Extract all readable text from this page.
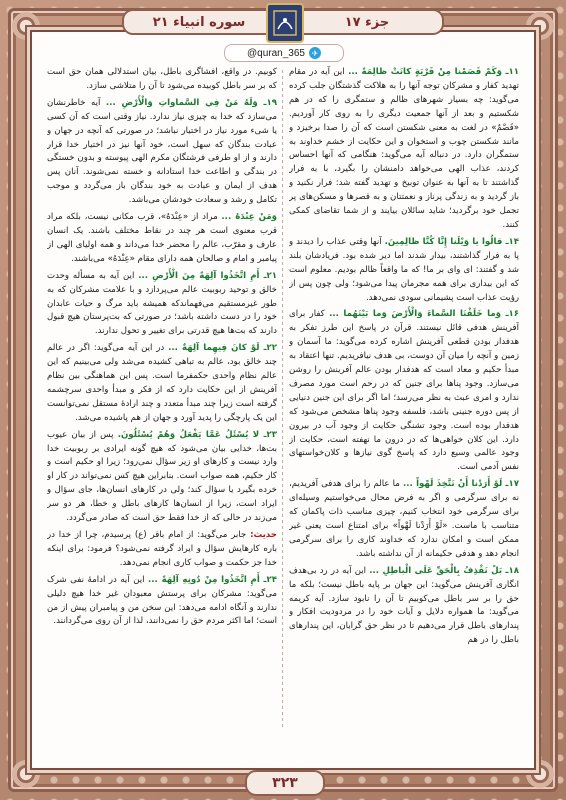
سوره انبیاء ۲۱	جزء ۱۷
@quran_365 ✈

۱۱ـ وَكَمْ قَصَمْنا مِنْ قَرْيَةٍ كانَتْ ظالِمَةً ... این آیه در مقام تهدید کفار و مشرکان توجه آنها را به هلاکت گذشتگان جلب کرده می‌گوید: چه بسیار شهرهای ظالم و ستمگری را که در هم شکستیم و بعد از آنها جمعیت دیگری را به روی کار آوردیم. «قَصْمٌ» در لغت به معنی شکستن است که آن را صدا برخیزد و مانند شکستن چوب و استخوان و این حکایت از خشم خداوند به ستمگران دارد. در دنباله آیه می‌گوید: هنگامی که آنها احساس کردند، عذاب الهی می‌خواهد دامنشان را بگیرد، با به فرار گذاشتند تا به آنها به عنوان توبیخ و تهدید گفته شد: فرار نکنید و باز گردید و به زندگی پرناز و نعمتتان و به قصرها و مسکن‌های پر تجمل خود برگردید؛ شاید سائلان بیایند و از شما تقاضای کمکی کنند.

۱۴ـ قالُوا يا وَيْلَنا إِنَّا كُنَّا ظالِمِينَ. آنها وقتی عذاب را دیدند و پا به فرار گذاشتند، بیدار شدند اما دیر شده بود. فریادشان بلند شد و گفتند: ای وای بر ما! که ما واقعاً ظالم بودیم. معلوم است که این بیداری برای همه مجرمان پیدا می‌شود؛ ولی چون پس از رؤیت عذاب است پشیمانی سودی نمی‌دهد.

۱۶ـ وَما خَلَقْنَا السَّماءَ وَالْأَرْضَ وَما بَيْنَهُما ... کفار برای آفرینش هدفی قائل نیستند. قرآن در پاسخ این طرز تفکر به هدفدار بودن قطعی آفرینش اشاره کرده می‌گوید: ما آسمان و زمین و آنچه را میان آن دوست، بی هدف نیافریدیم. تنها اعتقاد به مبدأ حکیم و معاد است که هدفدار بودن عالم آفرینش را روشن می‌سازد. وجود پناها برای جنین که در رحم است مورد مصرف ندارد و امری عبث به نظر می‌رسد؛ اما اگر برای این جنین دنیایی از پس دوره جنینی باشد، فلسفه وجود پناها مشخص می‌شود که هدفدار بوده است. وجود تشنگی حکایت از وجود آب در بیرون دارد. این کلان خواهی‌ها که در درون ما نهفته است، حکایت از وجود عالمی وسیع دارد که پاسخ گوی نیازها و کلان‌خواستهای نفس آدمی است.

۱۷ـ لَوْ أَرَدْنا أَنْ نَتَّخِذَ لَهْواً ... ما عالم را برای هدفی آفریدیم، نه برای سرگرمی و اگر به فرض محال می‌خواستیم وسیله‌ای برای سرگرمی خود انتخاب کنیم، چیزی مناسب ذات پاکمان که متناسب با ماست. «لَوْ أَرَدْنا لَهْواً» برای امتناع است یعنی غیر ممکن است و امکان ندارد که خداوند کاری را برای سرگرمی انجام دهد و هدفی حکیمانه از آن نداشته باشد.

۱۸ـ بَلْ نَقْذِفُ بِالْحَقِّ عَلَى الْباطِلِ ... این آیه در رد بی‌هدف انگاری آفرینش می‌گوید: این جهان بر پایه باطل نیست؛ بلکه ما حق را بر سر باطل می‌کوبیم تا آن را نابود سازد. آیه کریمه می‌گوید: ما همواره دلایل و آیات خود را در مردودیت افکار و پندارهای باطل قرار می‌دهیم تا در نظر حق گرایان، این پندارهای باطل را در هم

کوبیم. در واقع، افشاگری باطل، بیان استدلالی همان حق است که بر سر باطل کوبیده می‌شود تا آن را متلاشی سازد.

۱۹ـ وَلَهُ مَنْ فِي السَّماواتِ وَالْأَرْضِ ... آیه خاطرنشان می‌سازد که خدا به چیزی نیاز ندارد. نیاز وقتی است که آن کسی یا شیء مورد نیاز در اختیار نباشد؛ در صورتی که آنچه در جهان و عبادت بندگان که سهل است، خود آنها نیز در اختیار خدا قرار دارند و از او طرفی فرشتگان مکرم الهی پیوسته و بدون خستگی در بندگی و اطاعت خدا استادانه و خسته نمی‌شوند. آنان پس هدف از ایمان و عبادت به خود بندگان باز می‌گردد و موجب تکامل و رشد و سعادت خودشان می‌باشد.

وَمَنْ عِنْدَهُ ... مراد از «عِنْدَهُ»، قرب مکانی نیست، بلکه مراد قرب معنوی است هر چند در نقاط مختلف باشند. یک انسان عارف و مقرّب، عالم را محضر خدا می‌داند و همه اولیای الهی از پیامبر و امام و صالحان همه دارای مقام «عِنْدَهُ» می‌باشند.

۲۱ـ أَمِ اتَّخَذُوا آلِهَةً مِنَ الْأَرْضِ ... این آیه به مسأله وحدت خالق و توحید ربوبیت عالم می‌پردازد و با علامت مشرکان که به طور غیرمستقیم می‌فهماندکه همیشه باید مرگ و حیات عابدان خود را در دست داشته باشد؛ در صورتی که بت‌پرستان هیچ قبول دارند که بت‌ها هیچ قدرتی برای تغییر و تحول ندارند.

۲۲ـ لَوْ كانَ فِيهِما آلِهَةٌ ... در این آیه می‌گوید: اگر در عالم چند خالق بود، عالم به تباهی کشیده می‌شد ولی می‌بینیم که این عالم نظام واحدی حکمفرما است. پس این هماهنگی بین نظام آفرینش از این حکایت دارد که از فکر و مبدأ واحدی سرچشمه گرفته است زیرا چند مبدأ متعدد و چند ارادهٔ مستقل نمی‌توانست این یک پارچگی را پدید آورد و جهان از هم پاشیده می‌شد.

۲۳ـ لا يُسْئَلُ عَمَّا يَفْعَلُ وَهُمْ يُسْئَلُونَ. پس از بیان عیوب بت‌ها، خدایی بیان می‌شود که هیچ گونه ایرادی بر ربوبیت خدا وارد نیست و کارهای او زیر سؤال نمی‌رود؛ زیرا او حکیم است و کار حکیم، همه صواب است. بنابراین هیچ کس نمی‌تواند در کار او خرده بگیرد یا سؤال کند؛ ولی در کارهای انسان‌ها، جای سؤال و ایراد است، زیرا از انسان‌ها کارهای باطل و خطا، هر دو سر می‌زند در حالی که از خدا فقط حق است که صادر می‌گردد.

حدیث: جابر می‌گوید: از امام باقر (ع) پرسیدم، چرا از خدا در باره کارهایش سؤال و ایراد گرفته نمی‌شود؟ فرمود: برای اینکه خدا جز حکمت و صواب کاری انجام نمی‌دهد.

۲۴ـ أَمِ اتَّخَذُوا مِنْ دُونِهِ آلِهَةً ... این آیه در ادامهٔ نفی شرک می‌گوید: مشرکان برای پرستش معبودان غیر خدا هیچ دلیلی ندارند و آنگاه ادامه می‌دهد: این سخن من و پیامبران پیش از من است؛ اما اکثر مردم حق را نمی‌دانند، لذا از آن روی می‌گردانند.

۳۲۳
